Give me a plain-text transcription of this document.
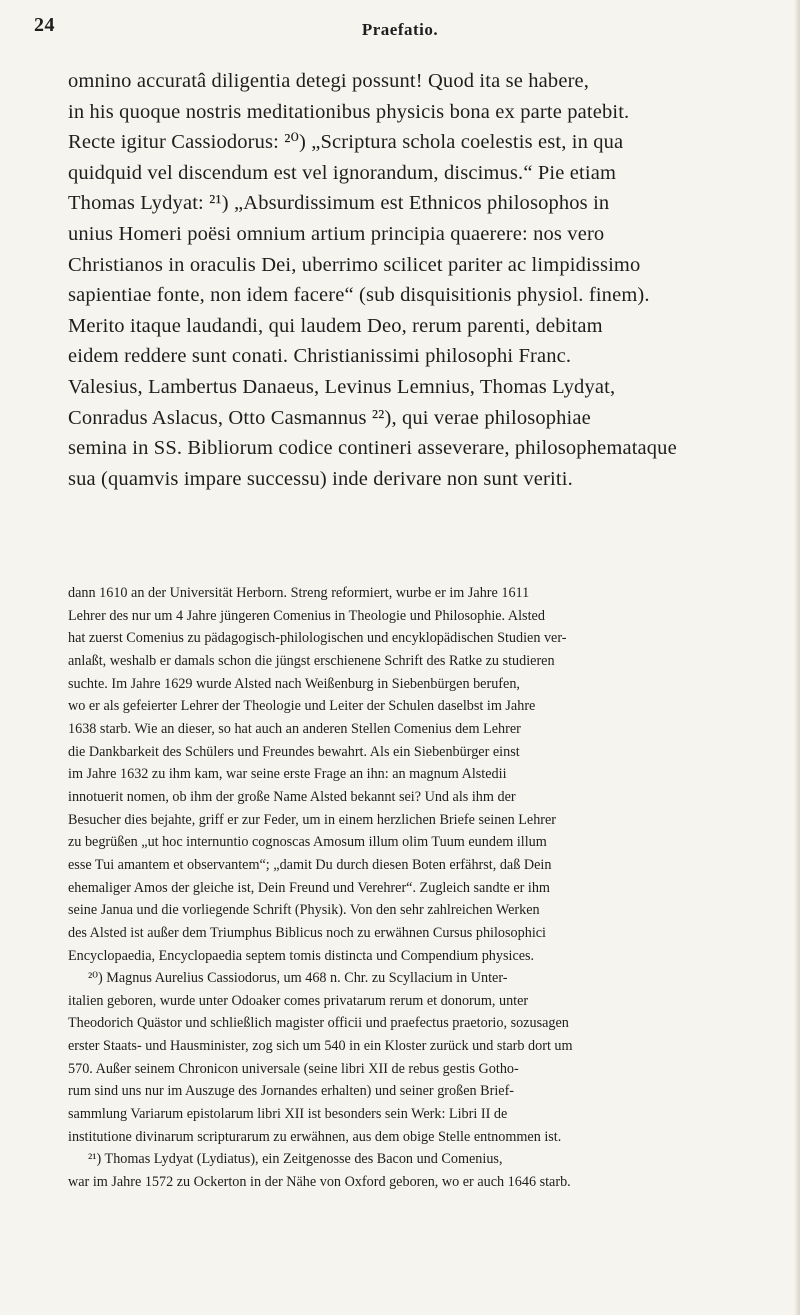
24	Praefatio.
omnino accuratâ diligentia detegi possunt! Quod ita se habere,
in his quoque nostris meditationibus physicis bona ex parte patebit.
Recte igitur Cassiodorus: ²⁰) „Scriptura schola coelestis est, in qua
quidquid vel discendum est vel ignorandum, discimus.“ Pie etiam
Thomas Lydyat: ²¹) „Absurdissimum est Ethnicos philosophos in
unius Homeri poësi omnium artium principia quaerere: nos vero
Christianos in oraculis Dei, uberrimo scilicet pariter ac limpidissimo
sapientiae fonte, non idem facere“ (sub disquisitionis physiol. finem).
Merito itaque laudandi, qui laudem Deo, rerum parenti, debitam
eidem reddere sunt conati. Christianissimi philosophi Franc.
Valesius, Lambertus Danaeus, Levinus Lemnius, Thomas Lydyat,
Conradus Aslacus, Otto Casmannus ²²), qui verae philosophiae
semina in SS. Bibliorum codice contineri asseverare, philosophemataque
sua (quamvis impare successu) inde derivare non sunt veriti.
dann 1610 an der Universität Herborn. Streng reformiert, wurbe er im Jahre 1611
Lehrer des nur um 4 Jahre jüngeren Comenius in Theologie und Philosophie. Alsted
hat zuerst Comenius zu pädagogisch-philologischen und encyklopädischen Studien ver-
anlaßt, weshalb er damals schon die jüngst erschienene Schrift des Ratke zu studieren
suchte. Im Jahre 1629 wurde Alsted nach Weißenburg in Siebenbürgen berufen,
wo er als gefeierter Lehrer der Theologie und Leiter der Schulen daselbst im Jahre
1638 starb. Wie an dieser, so hat auch an anderen Stellen Comenius dem Lehrer
die Dankbarkeit des Schülers und Freundes bewahrt. Als ein Siebenbürger einst
im Jahre 1632 zu ihm kam, war seine erste Frage an ihn: an magnum Alstedii
innotuerit nomen, ob ihm der große Name Alsted bekannt sei? Und als ihm der
Besucher dies bejahte, griff er zur Feder, um in einem herzlichen Briefe seinen Lehrer
zu begrüßen „ut hoc internuntio cognoscas Amosum illum olim Tuum eundem illum
esse Tui amantem et observantem“; „damit Du durch diesen Boten erfährst, daß Dein
ehemaliger Amos der gleiche ist, Dein Freund und Verehrer“. Zugleich sandte er ihm
seine Janua und die vorliegende Schrift (Physik). Von den sehr zahlreichen Werken
des Alsted ist außer dem Triumphus Biblicus noch zu erwähnen Cursus philosophici
Encyclopaedia, Encyclopaedia septem tomis distincta und Compendium physices.
²⁰) Magnus Aurelius Cassiodorus, um 468 n. Chr. zu Scyllacium in Unter-
italien geboren, wurde unter Odoaker comes privatarum rerum et donorum, unter
Theodorich Quästor und schließlich magister officii und praefectus praetorio, sozusagen
erster Staats- und Hausminister, zog sich um 540 in ein Kloster zurück und starb dort um
570. Außer seinem Chronicon universale (seine libri XII de rebus gestis Gotho-
rum sind uns nur im Auszuge des Jornandes erhalten) und seiner großen Brief-
sammlung Variarum epistolarum libri XII ist besonders sein Werk: Libri II de
institutione divinarum scripturarum zu erwähnen, aus dem obige Stelle entnommen ist.
²¹) Thomas Lydyat (Lydiatus), ein Zeitgenosse des Bacon und Comenius,
war im Jahre 1572 zu Ockerton in der Nähe von Oxford geboren, wo er auch 1646 starb.
